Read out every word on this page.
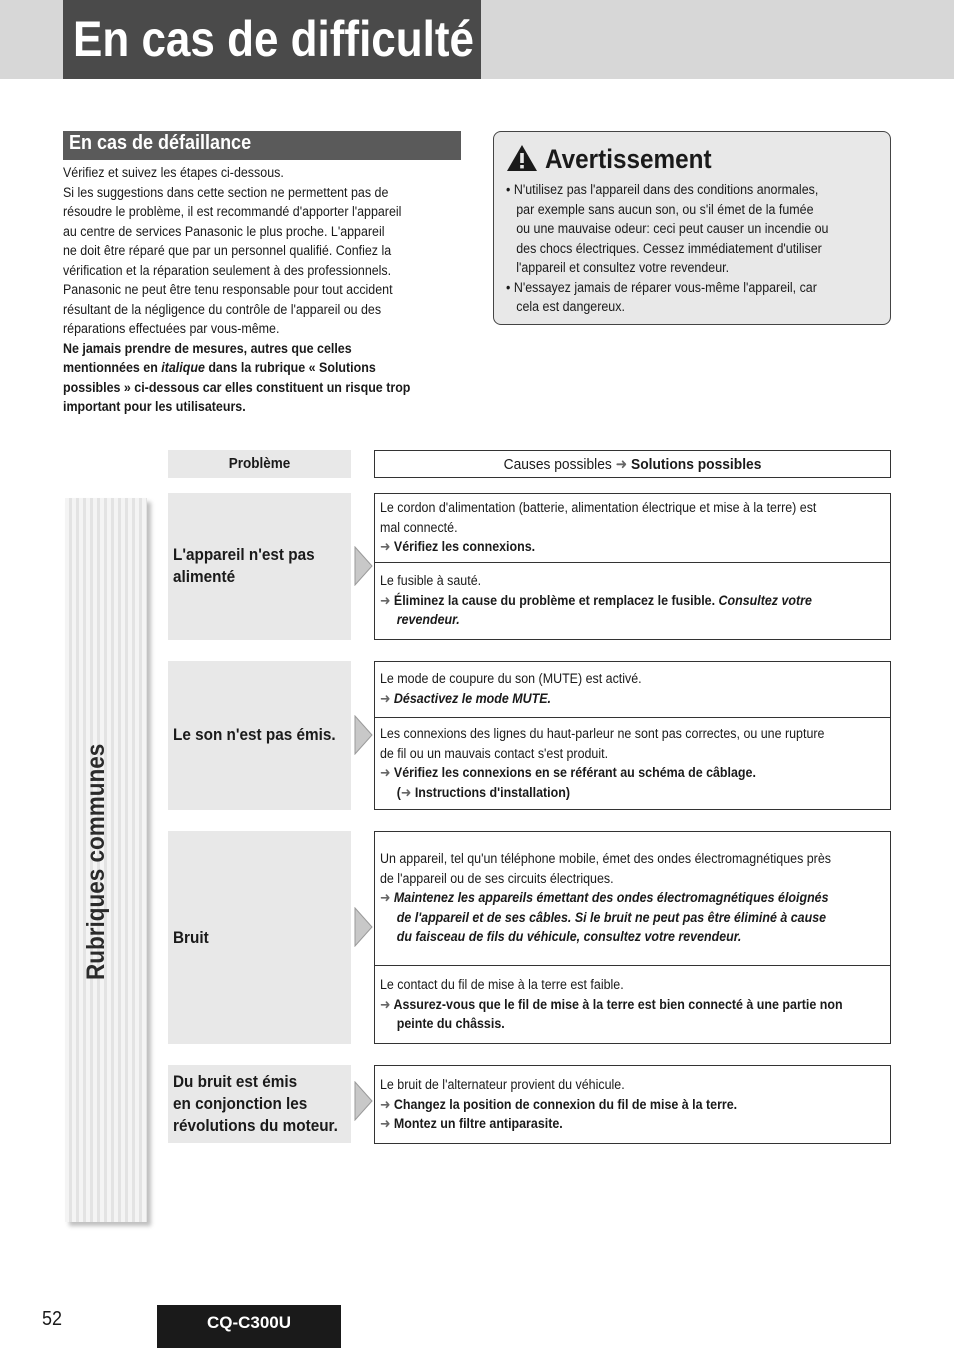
En cas de difficulté
En cas de défaillance

Vérifiez et suivez les étapes ci-dessous.

Si les suggestions dans cette section ne permettent pas de

résoudre le problème, il est recommandé d'apporter l'appareil

au centre de services Panasonic le plus proche. L'appareil

ne doit être réparé que par un personnel qualifié. Confiez la

vérification et la réparation seulement à des professionnels.

Panasonic ne peut être tenu responsable pour tout accident

résultant de la négligence du contrôle de l'appareil ou des

réparations effectuées par vous-même.

Ne jamais prendre de mesures, autres que celles

mentionnées en italique dans la rubrique « Solutions

possibles » ci-dessous car elles constituent un risque trop

important pour les utilisateurs.

Avertissement

• N'utilisez pas l'appareil dans des conditions anormales,

par exemple sans aucun son, ou s'il émet de la fumée

ou une mauvaise odeur: ceci peut causer un incendie ou

des chocs électriques. Cessez immédiatement d'utiliser

l'appareil et consultez votre revendeur.

• N'essayez jamais de réparer vous-même l'appareil, car

cela est dangereux.

Rubriques communes
Problème	Causes possibles ➜ Solutions possibles
L'appareil n'est pas alimenté

Le cordon d'alimentation (batterie, alimentation électrique et mise à la terre) est

mal connecté.

➜ Vérifiez les connexions.

Le fusible à sauté.

➜ Éliminez la cause du problème et remplacez le fusible. Consultez votre

revendeur.

Le son n'est pas émis.

Le mode de coupure du son (MUTE) est activé.

➜ Désactivez le mode MUTE.

Les connexions des lignes du haut-parleur ne sont pas correctes, ou une rupture

de fil ou un mauvais contact s'est produit.

➜ Vérifiez les connexions en se référant au schéma de câblage.

(➜ Instructions d'installation)

Bruit

Un appareil, tel qu'un téléphone mobile, émet des ondes électromagnétiques près

de l'appareil ou de ses circuits électriques.

➜ Maintenez les appareils émettant des ondes électromagnétiques éloignés

de l'appareil et de ses câbles. Si le bruit ne peut pas être éliminé à cause

du faisceau de fils du véhicule, consultez votre revendeur.

Le contact du fil de mise à la terre est faible.

➜ Assurez-vous que le fil de mise à la terre est bien connecté à une partie non

peinte du châssis.

Du bruit est émis
en conjonction les
révolutions du moteur.

Le bruit de l'alternateur provient du véhicule.

➜ Changez la position de connexion du fil de mise à la terre.

➜ Montez un filtre antiparasite.

52	CQ-C300U
